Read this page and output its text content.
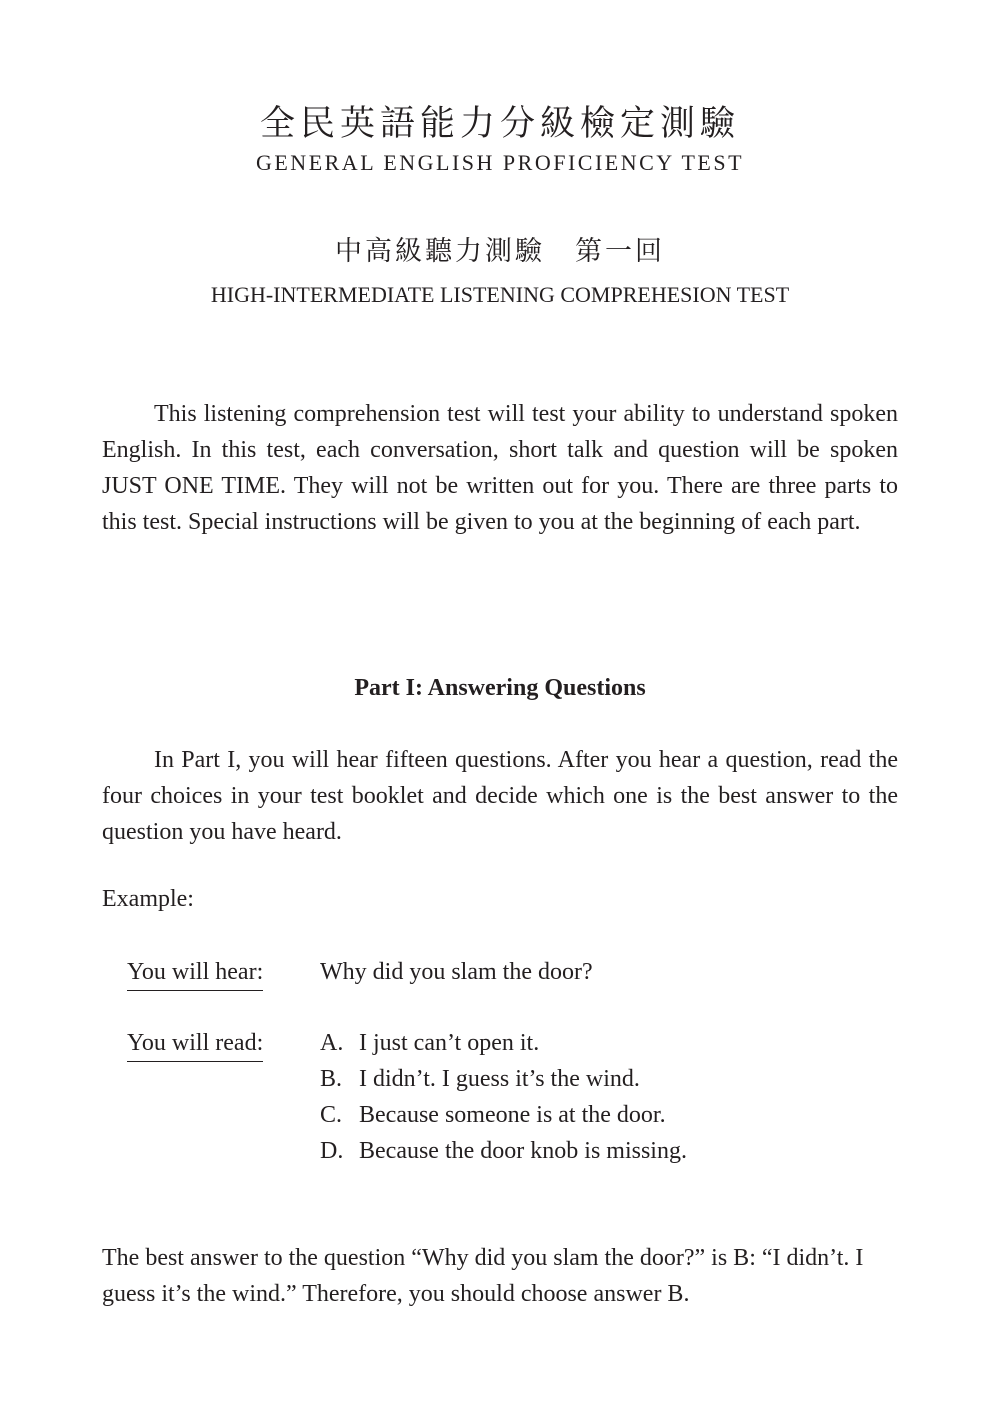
全民英語能力分級檢定測驗
GENERAL ENGLISH PROFICIENCY TEST
中高級聽力測驗 第一回
HIGH-INTERMEDIATE LISTENING COMPREHESION TEST

This listening comprehension test will test your ability to understand spoken English. In this test, each conversation, short talk and question will be spoken JUST ONE TIME. They will not be written out for you. There are three parts to this test. Special instructions will be given to you at the beginning of each part.

Part I: Answering Questions

In Part I, you will hear fifteen questions. After you hear a question, read the four choices in your test booklet and decide which one is the best answer to the question you have heard.

Example:

You will hear: Why did you slam the door?
You will read: A. I just can’t open it.
B. I didn’t. I guess it’s the wind.
C. Because someone is at the door.
D. Because the door knob is missing.

The best answer to the question “Why did you slam the door?” is B: “I didn’t. I guess it’s the wind.” Therefore, you should choose answer B.
